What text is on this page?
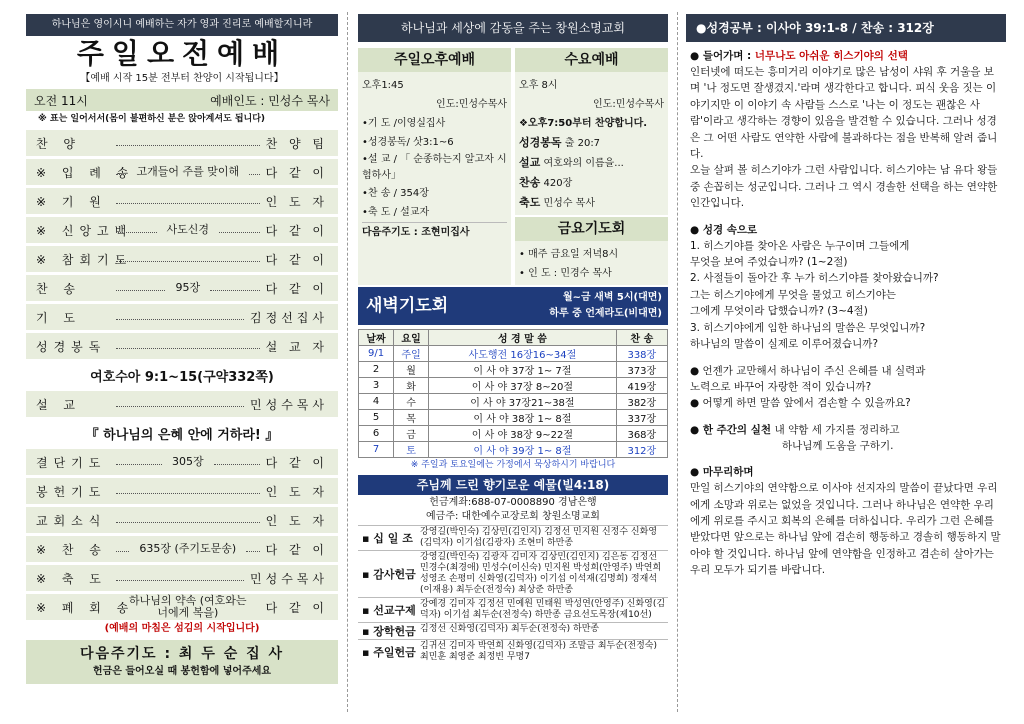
하나님은 영이시니 예배하는 자가 영과 진리로 예배할지니라
주일오전예배
【예배 시작 15분 전부터 찬양이 시작됩니다】
오전 11시	예배인도 : 민성수 목사
※ 표는 일어서서(몸이 불편하신 분은 앉아계셔도 됩니다)
찬 양	찬 양 팀
※ 입 례 송 고개들어 주를 맞이해	다 같 이
※ 기 원	인 도 자
※ 신앙고백	사도신경	다 같 이
※ 참회기도	다 같 이
찬 송	95장	다 같 이
기 도	김정선집사
성경봉독	설 교 자
여호수아 9:1~15(구약332쪽)
설 교	민성수목사
『 하나님의 은혜 안에 거하라! 』
결단기도	305장	다 같 이
봉헌기도	인 도 자
교회소식	인 도 자
※ 찬 송	635장 (주기도문송)	다 같 이
※ 축 도	민성수목사
※ 폐 회 송
하나님의 약속 (여호와는 너에게 복을)	다 같 이
(예배의 마침은 섬김의 시작입니다)
다음주기도 : 최 두 순 집 사
헌금은 들어오실 때 봉헌함에 넣어주세요
하나님과 세상에 감동을 주는 창원소명교회
주일오후예배
오후1:45
인도:민성수목사
•기 도 /이영실집사
•성경봉독/ 삿3:1~6
•설 교 / 「 순종하는지 알고자 시험하사」
•찬 송 / 354장
•축 도 / 설교자
다음주기도 : 조현미집사
수요예배
오후 8시
인도:민성수목사
❖오후7:50부터 찬양합니다.
성경봉독 출 20:7
설교 여호와의 이름을...
찬송 420장
축도 민성수 목사
금요기도회
• 매주 금요일 저녁8시
• 인 도 : 민경수 목사
새벽기도회	월~금 새벽 5시(대면)
하루 중 언제라도(비대면)
날짜	요일	성 경 말 씀	찬 송
9/1	주일	사도행전 16장16~34절	338장
2	월	이 사 야 37장 1~ 7절	373장
3	화	이 사 야 37장 8~20절	419장
4	수	이 사 야 37장21~38절	382장
5	목	이 사 야 38장 1~ 8절	337장
6	금	이 사 야 38장 9~22절	368장
7	토	이 사 야 39장 1~ 8절	312장
※ 주일과 토요일에는 가정에서 묵상하시기 바랍니다
주님께 드린 향기로운 예물(빌4:18)
헌금계좌:688-07-0008890 경남은행
예금주: 대한예수교장로회 창원소명교회
▪ 십 일 조 강영길(박인숙) 김상민(김인지) 김정선 민지원 신정수 신화영(김덕자) 이기섭(김광자) 조현미 하만종
▪ 감사헌금
강영길(박인숙) 김광자 김미자 김상민(김인지) 김은동 김정선 민경수(최경애) 민성수(이신숙) 민지원 박성희(안영주) 박연희 성영조 손평미 신화영(김덕자) 이기섭 이석재(김명희) 정재석(이재용) 최두순(전정숙) 최상준 하만종
▪ 선교구제 강예경 김미자 김정선 민예원 민태원 박성연(안영주) 신화영(김덕자) 이기섭 최두순(전정숙) 하만종 금요선도목장(제10선)
▪ 장학헌금 김정선 신화영(김덕자) 최두순(전정숙) 하만종
▪ 주일헌금 김귀선 김미자 박연희 신화영(김덕자) 조말금 최두순(전정숙) 최민훈 최영준 최정빈 무명7
●성경공부 : 이사야 39:1-8 / 찬송 : 312장
● 들어가며 : 너무나도 아쉬운 히스기야의 선택
인터넷에 떠도는 흥미거리 이야기로 많은 남성이 샤워 후 거울을 보며 '나 정도면 잘생겼지.'라며 생각한다고 합니다. 피식 웃음 짓는 이야기지만 이 이야기 속 사람들 스스로 '나는 이 정도는 괜찮은 사람'이라고 생각하는 경향이 있음을 발견할 수 있습니다. 그러나 성경은 그 어떤 사람도 연약한 사람에 불과하다는 점을 반복해 알려 줍니다.
오늘 살펴 볼 히스기야가 그런 사람입니다. 히스기야는 남 유다 왕들 중 손꼽히는 성군입니다. 그러나 그 역시 경솔한 선택을 하는 연약한 인간입니다.
● 성경 속으로
1. 히스기야를 찾아온 사람은 누구이며 그들에게
무엇을 보여 주었습니까? (1~2절)
2. 사절들이 돌아간 후 누가 히스기야를 찾아왔습니까?
그는 히스기야에게 무엇을 물었고 히스기야는
그에게 무엇이라 답했습니까? (3~4절)
3. 히스기야에게 임한 하나님의 말씀은 무엇입니까?
하나님의 말씀이 실제로 이루어졌습니까?
● 언젠가 교만해서 하나님이 주신 은혜를 내 실력과
노력으로 바꾸어 자랑한 적이 있습니까?
● 어떻게 하면 말씀 앞에서 겸손할 수 있을까요?
● 한 주간의 실천 내 약함 세 가지를 정리하고
하나님께 도움을 구하기.
● 마무리하며
만일 히스기야의 연약함으로 이사야 선지자의 말씀이 끝났다면 우리에게 소망과 위로는 없었을 것입니다. 그러나 하나님은 연약한 우리에게 위로를 주시고 회복의 은혜를 더하십니다. 우리가 그런 은혜를 받았다면 앞으로는 하나님 앞에 겸손히 행동하고 경솔히 행동하지 말아야 할 것입니다. 하나님 앞에 연약함을 인정하고 겸손히 살아가는 우리 모두가 되기를 바랍니다.
